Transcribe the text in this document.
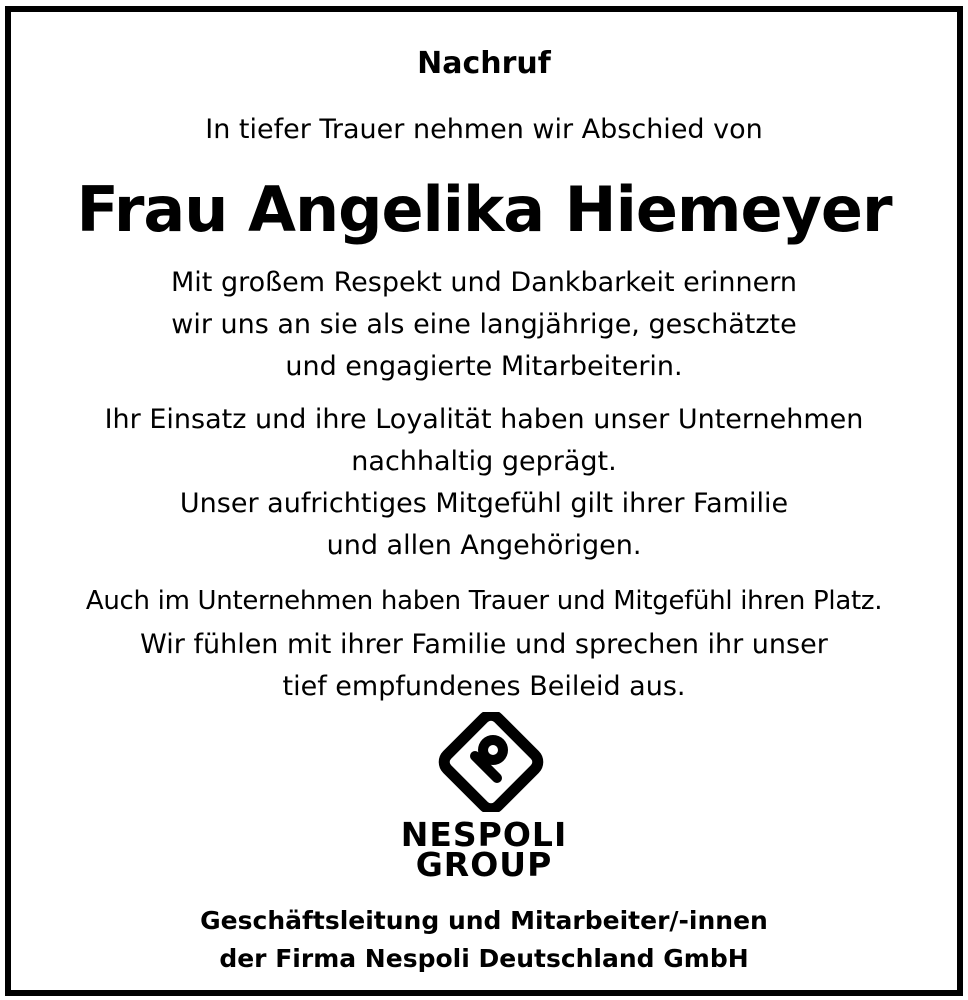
Nachruf
In tiefer Trauer nehmen wir Abschied von
Frau Angelika Hiemeyer
Mit großem Respekt und Dankbarkeit erinnern
wir uns an sie als eine langjährige, geschätzte
und engagierte Mitarbeiterin.
Ihr Einsatz und ihre Loyalität haben unser Unternehmen
nachhaltig geprägt.
Unser aufrichtiges Mitgefühl gilt ihrer Familie
und allen Angehörigen.
Auch im Unternehmen haben Trauer und Mitgefühl ihren Platz.
Wir fühlen mit ihrer Familie und sprechen ihr unser
tief empfundenes Beileid aus.
NESPOLI
GROUP
Geschäftsleitung und Mitarbeiter/-innen
der Firma Nespoli Deutschland GmbH
